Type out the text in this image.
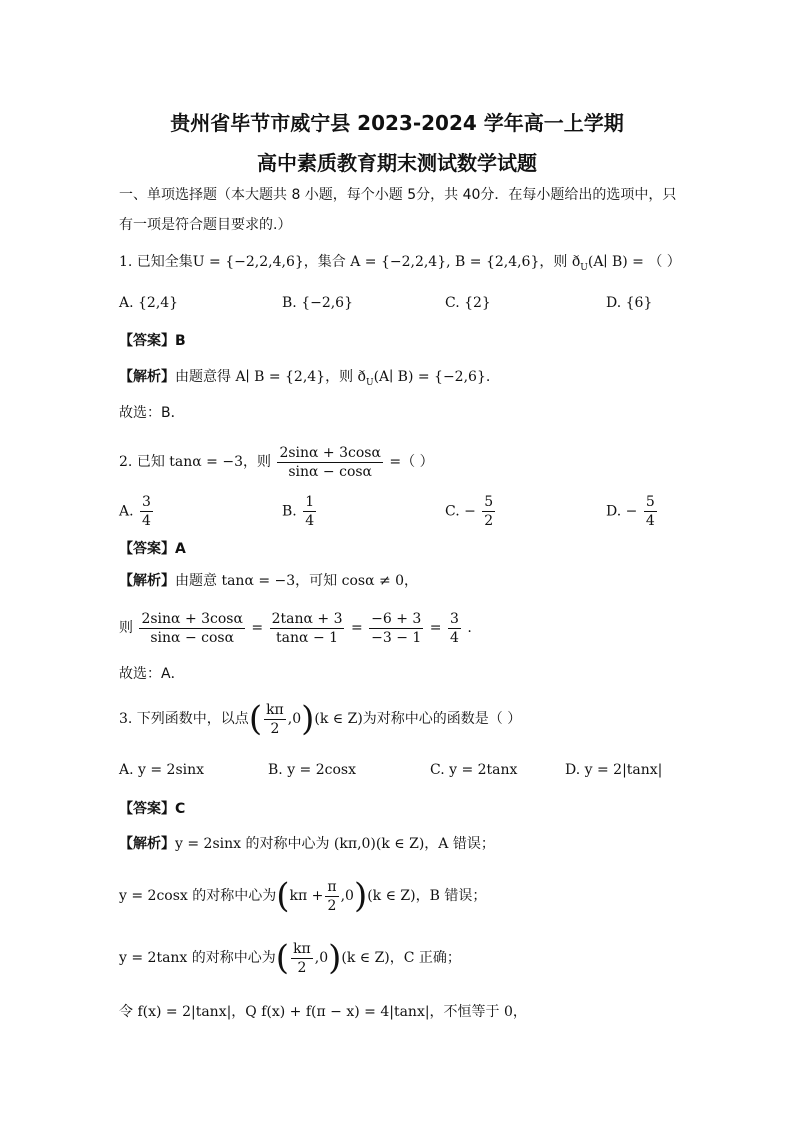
贵州省毕节市威宁县 2023-2024 学年高一上学期
高中素质教育期末测试数学试题
一、单项选择题（本大题共 8 小题，每个小题 5分，共 40分．在每小题给出的选项中，只
有一项是符合题目要求的.）
1. 已知全集U = {−2,2,4,6}，集合 A = {−2,2,4}, B = {2,4,6}，则 $ð_U(A∣$ B) = （ ）
A. {2,4}	B. {−2,6}	C. {2}	D. {6}
【答案】B
【解析】由题意得 A∣ B = {2,4}，则 $ð_U(A∣$ B) = {−2,6}.
故选：B．
2. 已知 tanα = −3，则 $\frac{2\sin\alpha + 3\cos\alpha}{\sin\alpha - \cos\alpha}$ =（ ）
A. $\frac{3}{4}$	B. $\frac{1}{4}$	C. − $\frac{5}{2}$	D. − $\frac{5}{4}$
【答案】A
【解析】由题意 tanα = −3，可知 cosα ≠ 0，
则 $\frac{2\sin\alpha + 3\cos\alpha}{\sin\alpha - \cos\alpha} = \frac{2\tan\alpha + 3}{\tan\alpha - 1} = \frac{-6 + 3}{-3 - 1} = \frac{3}{4}$ .
故选：A．
3. 下列函数中，以点( $\frac{k\pi}{2} ,0)(k$ ∈ Z)为对称中心的函数是（ ）
A. y = 2sinx	B. y = 2cosx	C. y = 2tanx	D. y = 2|tanx|
【答案】C
【解析】y = 2sinx 的对称中心为 (kπ,0)(k ∈ Z)，A 错误；
y = 2cosx 的对称中心为$(k\pi + \frac{\pi}{2} ,0)(k$ ∈ Z)，B 错误；
y = 2tanx 的对称中心为( $\frac{k\pi}{2} ,0)(k$ ∈ Z)，C 正确；
令 f(x) = 2|tanx|，Q f(x) + f(π − x) = 4|tanx|，不恒等于 0，
